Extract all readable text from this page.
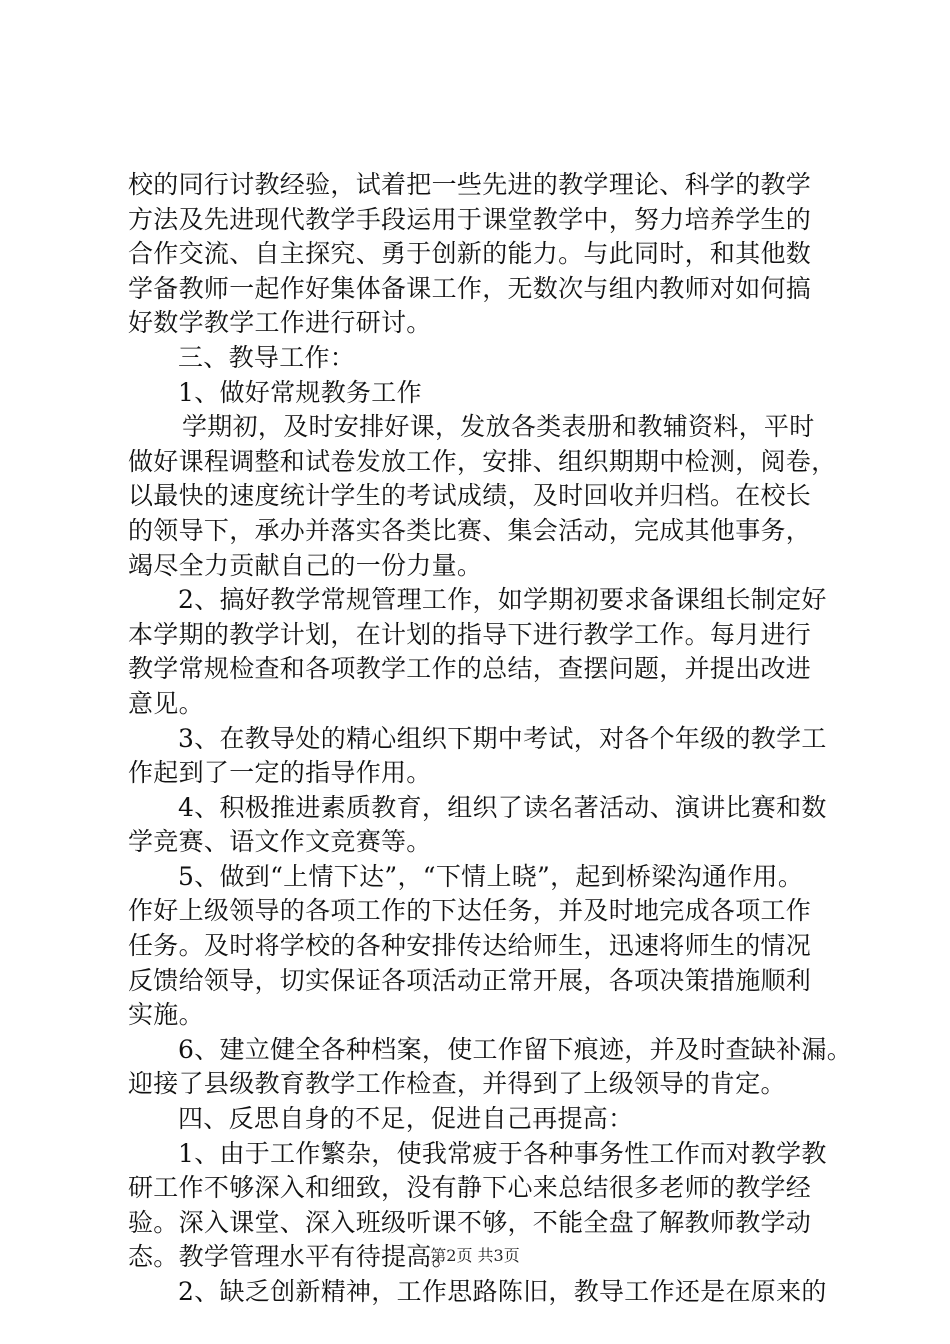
校的同行讨教经验，试着把一些先进的教学理论、科学的教学
方法及先进现代教学手段运用于课堂教学中，努力培养学生的
合作交流、自主探究、勇于创新的能力。与此同时，和其他数
学备教师一起作好集体备课工作，无数次与组内教师对如何搞
好数学教学工作进行研讨。
三、教导工作：
1、做好常规教务工作
学期初，及时安排好课，发放各类表册和教辅资料，平时
做好课程调整和试卷发放工作，安排、组织期期中检测，阅卷，
以最快的速度统计学生的考试成绩，及时回收并归档。在校长
的领导下，承办并落实各类比赛、集会活动，完成其他事务，
竭尽全力贡献自己的一份力量。
2、搞好教学常规管理工作，如学期初要求备课组长制定好
本学期的教学计划，在计划的指导下进行教学工作。每月进行
教学常规检查和各项教学工作的总结，查摆问题，并提出改进
意见。
3、在教导处的精心组织下期中考试，对各个年级的教学工
作起到了一定的指导作用。
4、积极推进素质教育，组织了读名著活动、演讲比赛和数
学竞赛、语文作文竞赛等。
5、做到“上情下达”，“下情上晓”，起到桥梁沟通作用。
作好上级领导的各项工作的下达任务，并及时地完成各项工作
任务。及时将学校的各种安排传达给师生，迅速将师生的情况
反馈给领导，切实保证各项活动正常开展，各项决策措施顺利
实施。
6、建立健全各种档案，使工作留下痕迹，并及时查缺补漏。
迎接了县级教育教学工作检查，并得到了上级领导的肯定。
四、反思自身的不足，促进自己再提高：
1、由于工作繁杂，使我常疲于各种事务性工作而对教学教
研工作不够深入和细致，没有静下心来总结很多老师的教学经
验。深入课堂、深入班级听课不够，不能全盘了解教师教学动
态。教学管理水平有待提高。
2、缺乏创新精神，工作思路陈旧，教导工作还是在原来的
第2页 共3页
